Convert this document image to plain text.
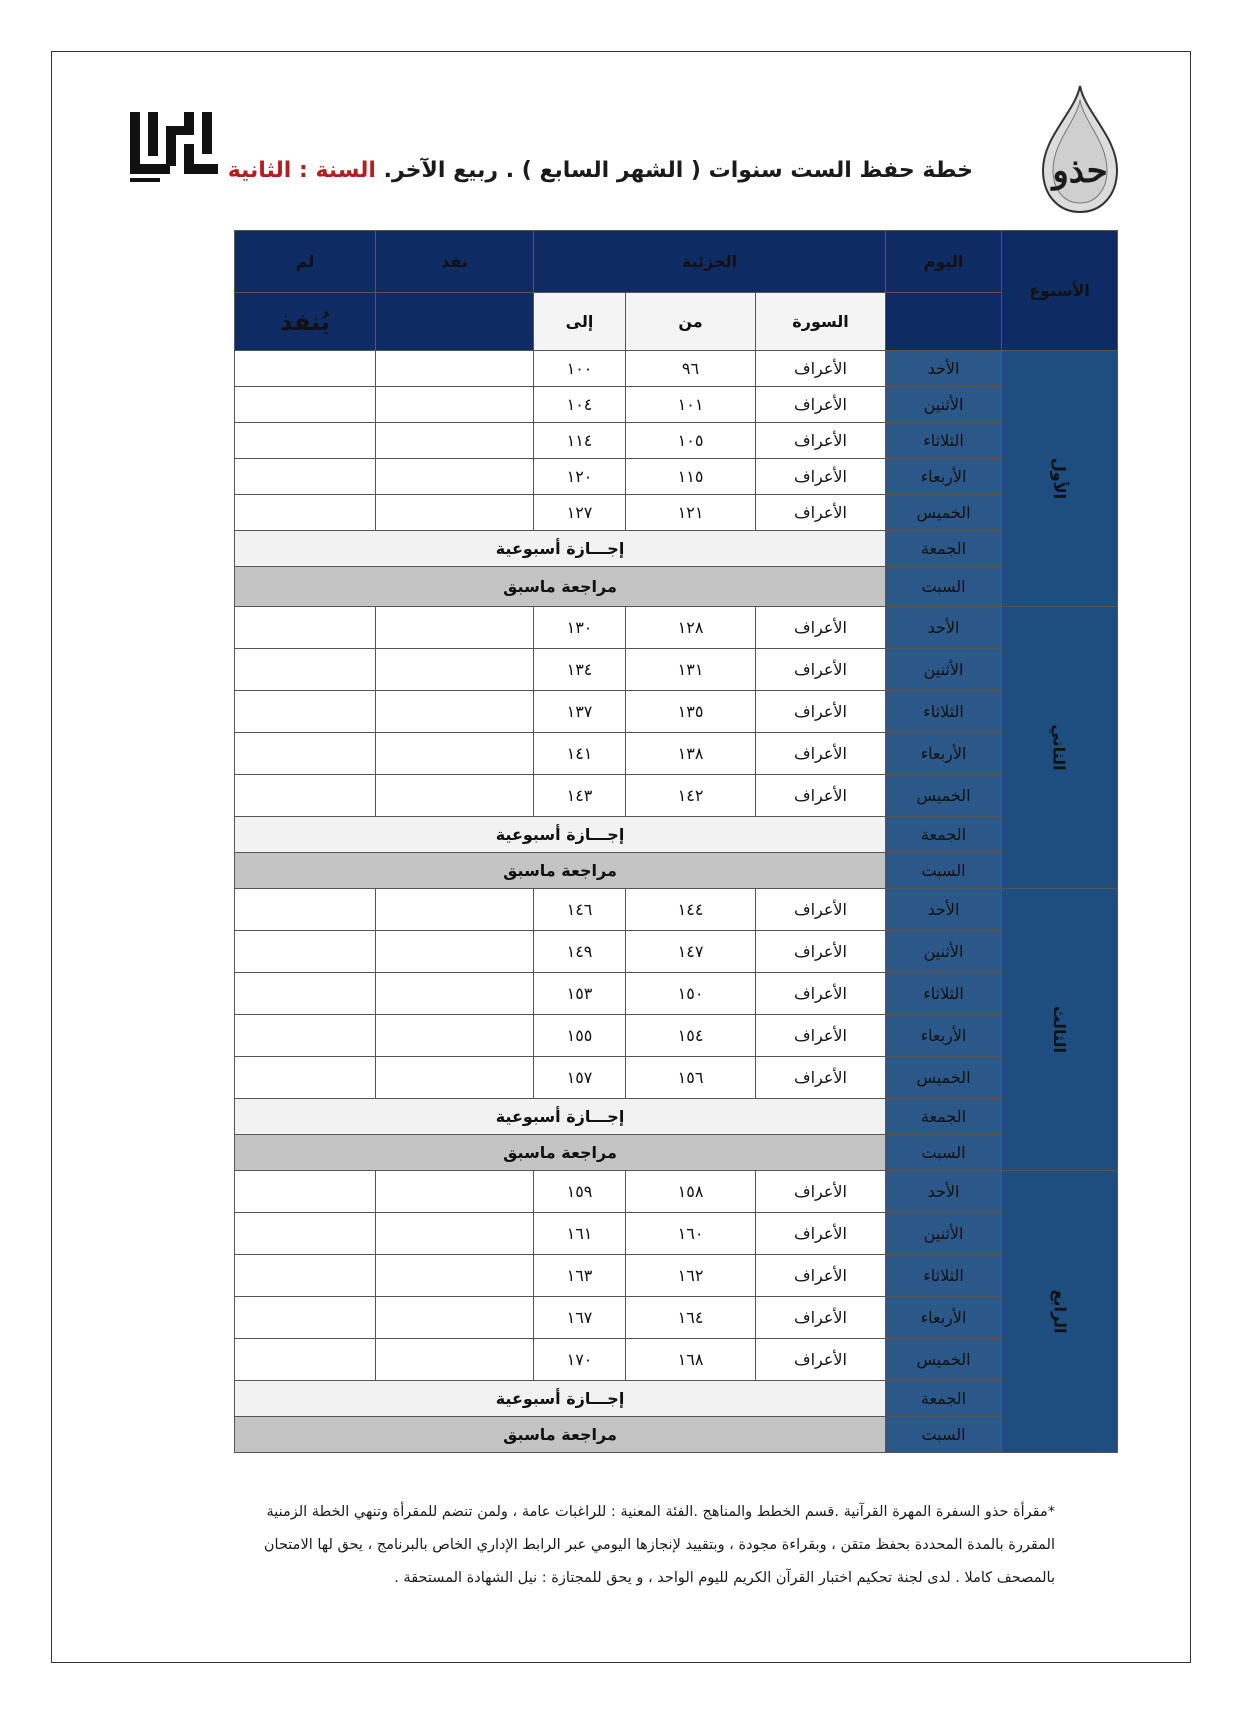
حذو
خطة حفظ الست سنوات ( الشهر السابع ) . ربيع الآخر. السنة : الثانية
الأسبوع	اليوم	الجزئية			نفذ	لم
		السورة	من	إلى		يُنفذ
الأول	الأحد	الأعراف	٩٦	١٠٠		
	الأثنين	الأعراف	١٠١	١٠٤		
	الثلاثاء	الأعراف	١٠٥	١١٤		
	الأربعاء	الأعراف	١١٥	١٢٠		
	الخميس	الأعراف	١٢١	١٢٧		
	الجمعة	إجـــازة أسبوعية				
	السبت	مراجعة ماسبق				
الثاني	الأحد	الأعراف	١٢٨	١٣٠		
	الأثنين	الأعراف	١٣١	١٣٤		
	الثلاثاء	الأعراف	١٣٥	١٣٧		
	الأربعاء	الأعراف	١٣٨	١٤١		
	الخميس	الأعراف	١٤٢	١٤٣		
	الجمعة	إجـــازة أسبوعية				
	السبت	مراجعة ماسبق				
الثالث	الأحد	الأعراف	١٤٤	١٤٦		
	الأثنين	الأعراف	١٤٧	١٤٩		
	الثلاثاء	الأعراف	١٥٠	١٥٣		
	الأربعاء	الأعراف	١٥٤	١٥٥		
	الخميس	الأعراف	١٥٦	١٥٧		
	الجمعة	إجـــازة أسبوعية				
	السبت	مراجعة ماسبق				
الرابع	الأحد	الأعراف	١٥٨	١٥٩		
	الأثنين	الأعراف	١٦٠	١٦١		
	الثلاثاء	الأعراف	١٦٢	١٦٣		
	الأربعاء	الأعراف	١٦٤	١٦٧		
	الخميس	الأعراف	١٦٨	١٧٠		
	الجمعة	إجـــازة أسبوعية				
	السبت	مراجعة ماسبق				

*مقرأة حذو السفرة المهرة القرآنية .قسم الخطط والمناهج .الفئة المعنية : للراغبات عامة ، ولمن تنضم للمقرأة وتنهي الخطة الزمنية

المقررة بالمدة المحددة بحفظ متقن ، وبقراءة مجودة ، وبتقييد لإنجازها اليومي عبر الرابط الإداري الخاص بالبرنامج ، يحق لها الامتحان

بالمصحف كاملا . لدى لجنة تحكيم اختبار القرآن الكريم لليوم الواحد ، و يحق للمجتازة : نيل الشهادة المستحقة .
